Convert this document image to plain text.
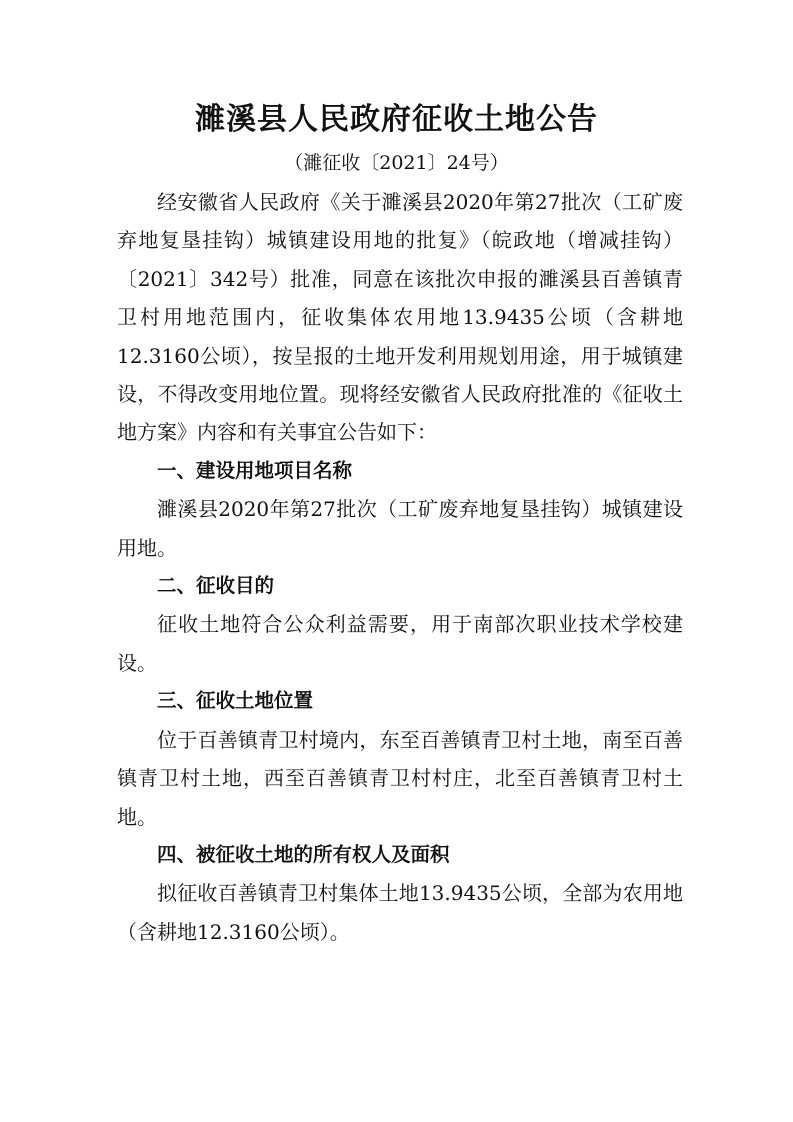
濉溪县人民政府征收土地公告
（濉征收〔2021〕24号）

经安徽省人民政府《关于濉溪县2020年第27批次（工矿废弃地复垦挂钩）城镇建设用地的批复》（皖政地（增减挂钩）〔2021〕342号）批准，同意在该批次申报的濉溪县百善镇青卫村用地范围内，征收集体农用地13.9435公顷（含耕地12.3160公顷），按呈报的土地开发利用规划用途，用于城镇建设，不得改变用地位置。现将经安徽省人民政府批准的《征收土地方案》内容和有关事宜公告如下：

一、建设用地项目名称

濉溪县2020年第27批次（工矿废弃地复垦挂钩）城镇建设用地。

二、征收目的

征收土地符合公众利益需要，用于南部次职业技术学校建设。

三、征收土地位置

位于百善镇青卫村境内，东至百善镇青卫村土地，南至百善镇青卫村土地，西至百善镇青卫村村庄，北至百善镇青卫村土地。

四、被征收土地的所有权人及面积

拟征收百善镇青卫村集体土地13.9435公顷，全部为农用地（含耕地12.3160公顷）。
